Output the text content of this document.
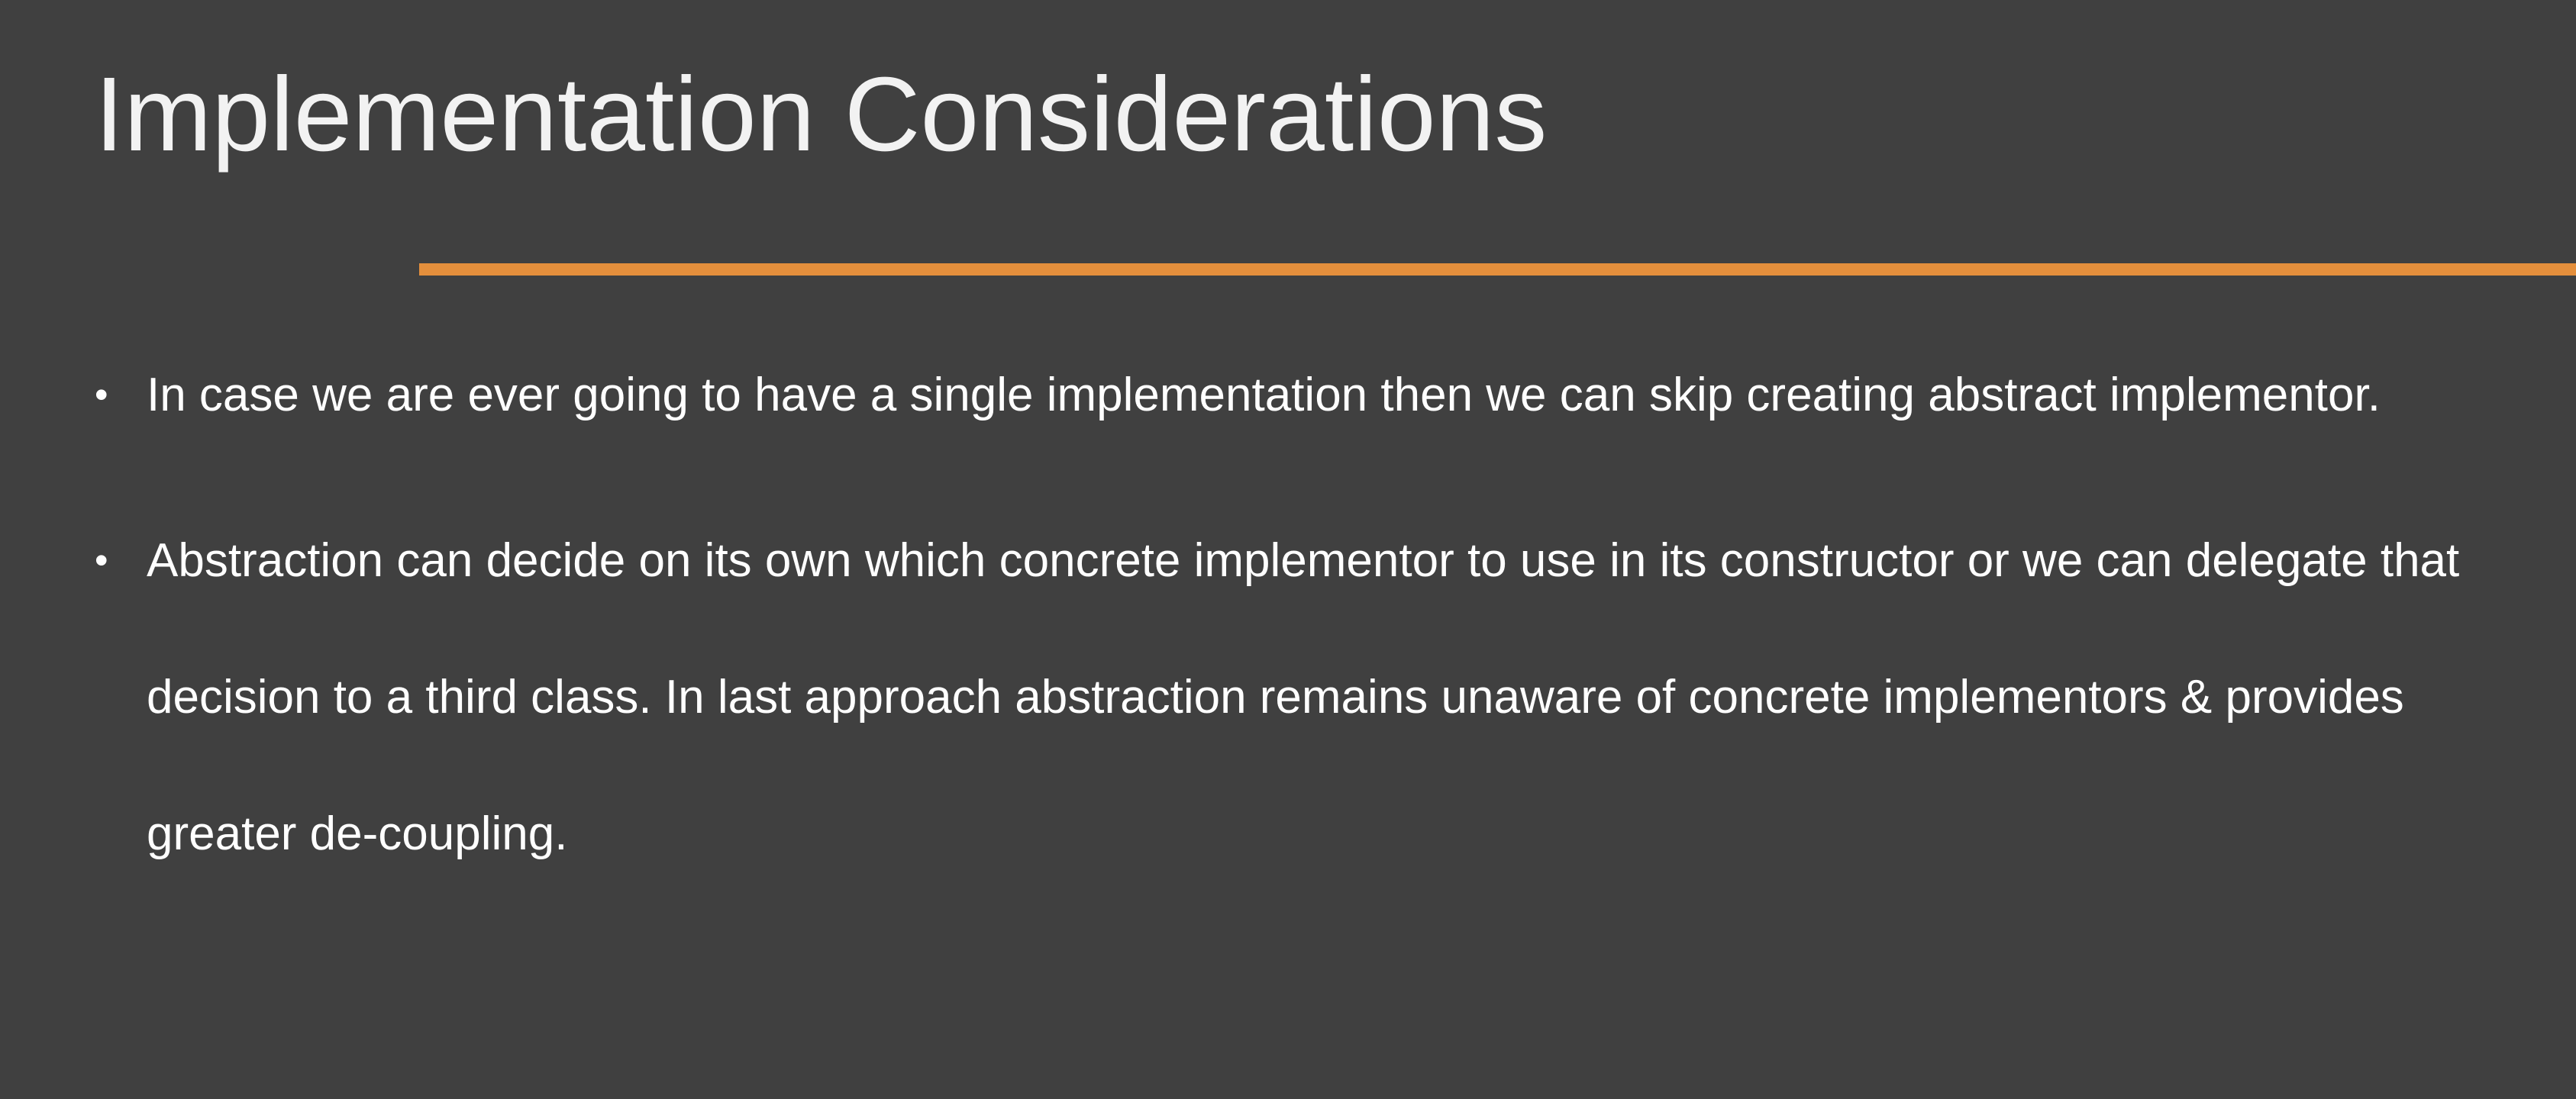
Implementation Considerations
• In case we are ever going to have a single implementation then we can skip creating abstract implementor.
• Abstraction can decide on its own which concrete implementor to use in its constructor or we can delegate that decision to a third class. In last approach abstraction remains unaware of concrete implementors & provides greater de-coupling.
